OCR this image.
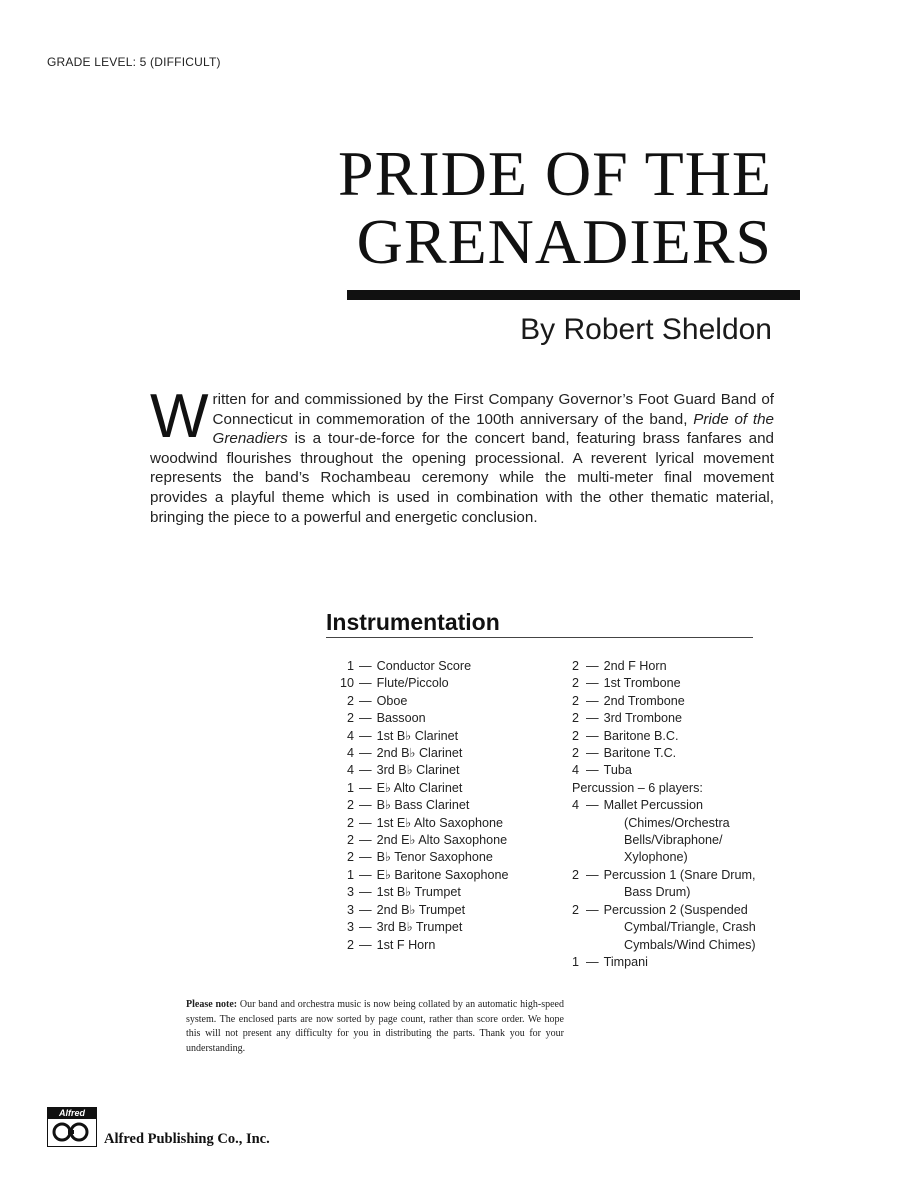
GRADE LEVEL: 5 (DIFFICULT)
PRIDE OF THE
GRENADIERS
By Robert Sheldon
Written for and commissioned by the First Company Governor’s Foot Guard Band of Connecticut in commemoration of the 100th anniversary of the band, Pride of the Grenadiers is a tour-de-force for the concert band, featuring brass fanfares and woodwind flourishes throughout the opening processional. A reverent lyrical movement represents the band’s Rochambeau ceremony while the multi-meter final movement provides a playful theme which is used in combination with the other thematic material, bringing the piece to a powerful and energetic conclusion.
Instrumentation
1 — Conductor Score
10 — Flute/Piccolo
2 — Oboe
2 — Bassoon
4 — 1st B♭ Clarinet
4 — 2nd B♭ Clarinet
4 — 3rd B♭ Clarinet
1 — E♭ Alto Clarinet
2 — B♭ Bass Clarinet
2 — 1st E♭ Alto Saxophone
2 — 2nd E♭ Alto Saxophone
2 — B♭ Tenor Saxophone
1 — E♭ Baritone Saxophone
3 — 1st B♭ Trumpet
3 — 2nd B♭ Trumpet
3 — 3rd B♭ Trumpet
2 — 1st F Horn
2 — 2nd F Horn
2 — 1st Trombone
2 — 2nd Trombone
2 — 3rd Trombone
2 — Baritone B.C.
2 — Baritone T.C.
4 — Tuba
Percussion – 6 players:
4 — Mallet Percussion
(Chimes/Orchestra
Bells/Vibraphone/
Xylophone)
2 — Percussion 1 (Snare Drum,
Bass Drum)
2 — Percussion 2 (Suspended
Cymbal/Triangle, Crash
Cymbals/Wind Chimes)
1 — Timpani
Please note: Our band and orchestra music is now being collated by an automatic high-speed system. The enclosed parts are now sorted by page count, rather than score order. We hope this will not present any difficulty for you in distributing the parts. Thank you for your understanding.
Alfred
Alfred Publishing Co., Inc.
